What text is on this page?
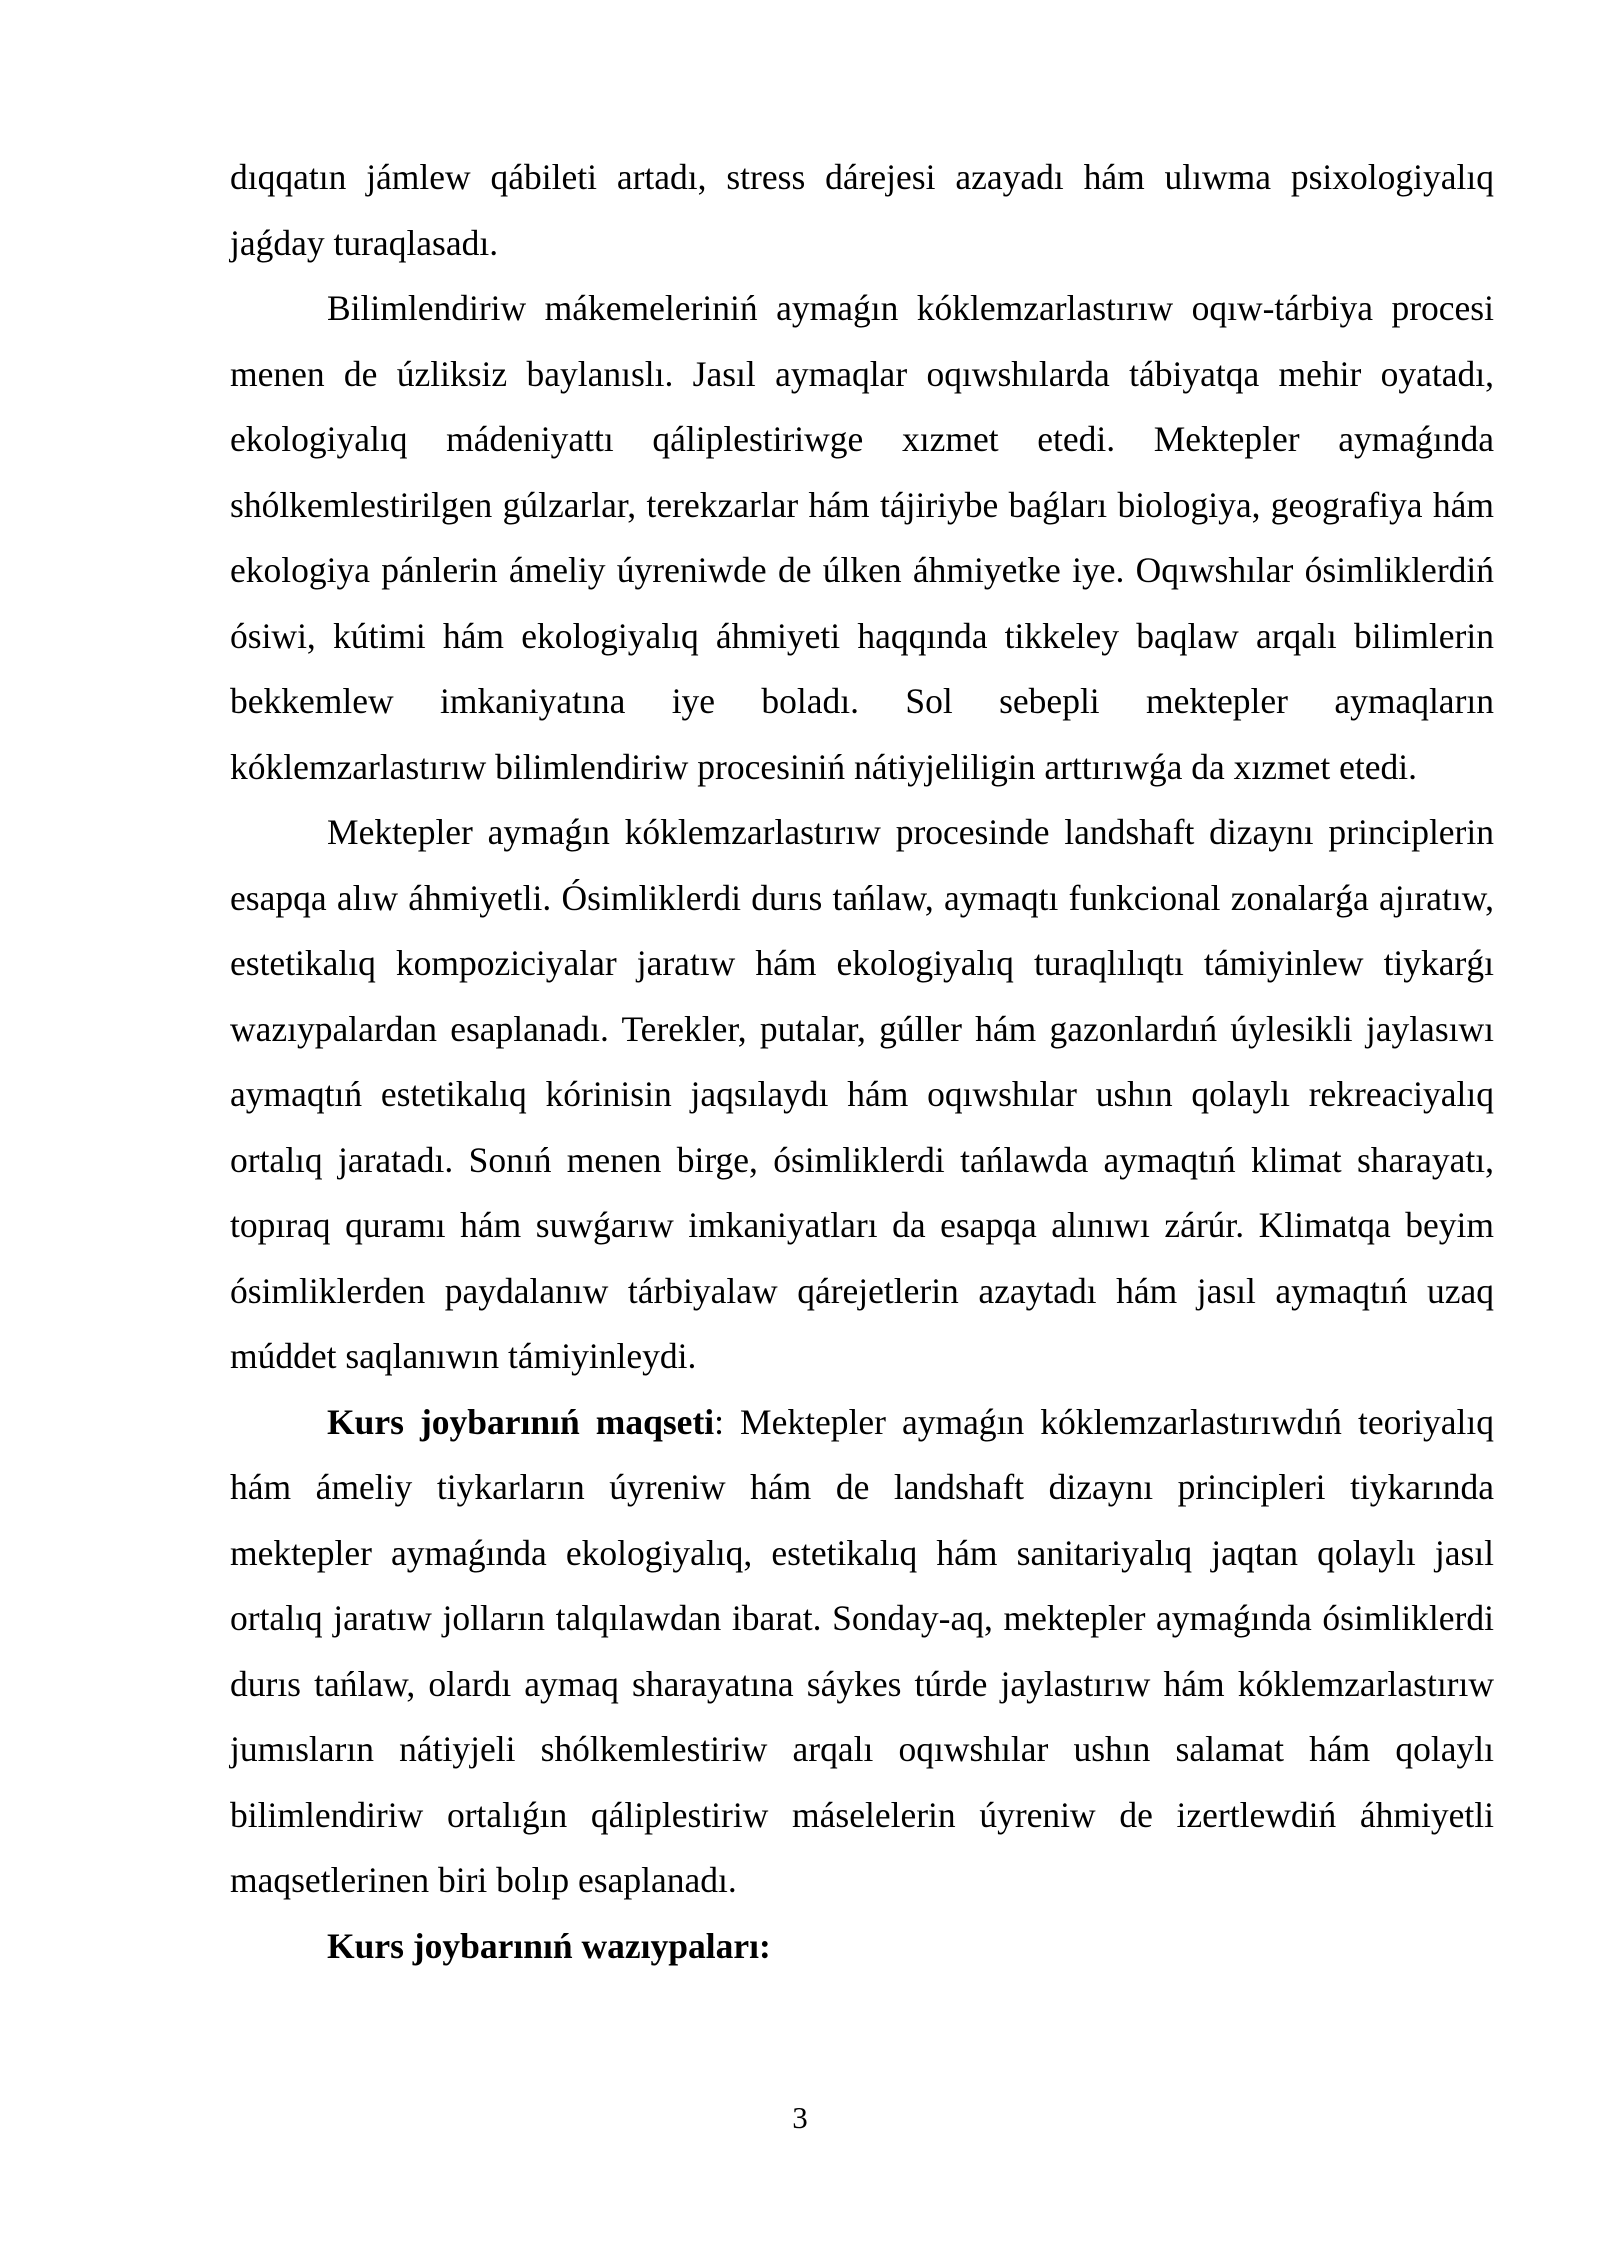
dıqqatın jámlew qábileti artadı, stress dárejesi azayadı hám ulıwma psixologiyalıq jaǵday turaqlasadı.

Bilimlendiriw mákemeleriniń aymaǵın kóklemzarlastırıw oqıw-tárbiya procesi menen de úzliksiz baylanıslı. Jasıl aymaqlar oqıwshılarda tábiyatqa mehir oyatadı, ekologiyalıq mádeniyattı qáliplestiriwge xızmet etedi. Mektepler aymaǵında shólkemlestirilgen gúlzarlar, terekzarlar hám tájiriybe baǵları biologiya, geografiya hám ekologiya pánlerin ámeliy úyreniwde de úlken áhmiyetke iye. Oqıwshılar ósimliklerdiń ósiwi, kútimi hám ekologiyalıq áhmiyeti haqqında tikkeley baqlaw arqalı bilimlerin bekkemlew imkaniyatına iye boladı. Sol sebepli mektepler aymaqların kóklemzarlastırıw bilimlendiriw procesiniń nátiyjeliligin arttırıwǵa da xızmet etedi.

Mektepler aymaǵın kóklemzarlastırıw procesinde landshaft dizaynı principlerin esapqa alıw áhmiyetli. Ósimliklerdi durıs tańlaw, aymaqtı funkcional zonalarǵa ajıratıw, estetikalıq kompoziciyalar jaratıw hám ekologiyalıq turaqlılıqtı támiyinlew tiykarǵı wazıypalardan esaplanadı. Terekler, putalar, gúller hám gazonlardıń úylesikli jaylasıwı aymaqtıń estetikalıq kórinisin jaqsılaydı hám oqıwshılar ushın qolaylı rekreaciyalıq ortalıq jaratadı. Sonıń menen birge, ósimliklerdi tańlawda aymaqtıń klimat sharayatı, topıraq quramı hám suwǵarıw imkaniyatları da esapqa alınıwı zárúr. Klimatqa beyim ósimliklerden paydalanıw tárbiyalaw qárejetlerin azaytadı hám jasıl aymaqtıń uzaq múddet saqlanıwın támiyinleydi.

Kurs joybarınıń maqseti: Mektepler aymaǵın kóklemzarlastırıwdıń teoriyalıq hám ámeliy tiykarların úyreniw hám de landshaft dizaynı principleri tiykarında mektepler aymaǵında ekologiyalıq, estetikalıq hám sanitariyalıq jaqtan qolaylı jasıl ortalıq jaratıw jolların talqılawdan ibarat. Sonday-aq, mektepler aymaǵında ósimliklerdi durıs tańlaw, olardı aymaq sharayatına sáykes túrde jaylastırıw hám kóklemzarlastırıw jumısların nátiyjeli shólkemlestiriw arqalı oqıwshılar ushın salamat hám qolaylı bilimlendiriw ortalıǵın qáliplestiriw máselelerin úyreniw de izertlewdiń áhmiyetli maqsetlerinen biri bolıp esaplanadı.

Kurs joybarınıń wazıypaları:

3
